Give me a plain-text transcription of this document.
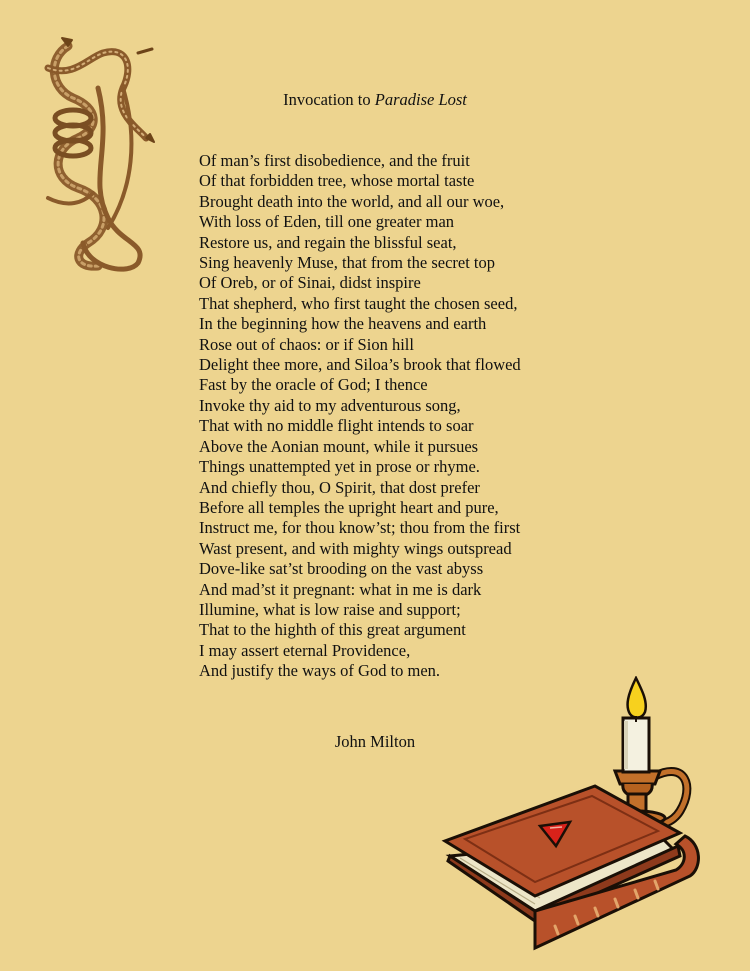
Invocation to Paradise Lost
Of man’s first disobedience, and the fruit
Of that forbidden tree, whose mortal taste
Brought death into the world, and all our woe,
With loss of Eden, till one greater man
Restore us, and regain the blissful seat,
Sing heavenly Muse, that from the secret top
Of Oreb, or of Sinai, didst inspire
That shepherd, who first taught the chosen seed,
In the beginning how the heavens and earth
Rose out of chaos: or if Sion hill
Delight thee more, and Siloa’s brook that flowed
Fast by the oracle of God; I thence
Invoke thy aid to my adventurous song,
That with no middle flight intends to soar
Above the Aonian mount, while it pursues
Things unattempted yet in prose or rhyme.
And chiefly thou, O Spirit, that dost prefer
Before all temples the upright heart and pure,
Instruct me, for thou know’st; thou from the first
Wast present, and with mighty wings outspread
Dove-like sat’st brooding on the vast abyss
And mad’st it pregnant: what in me is dark
Illumine, what is low raise and support;
That to the highth of this great argument
I may assert eternal Providence,
And justify the ways of God to men.
John Milton
